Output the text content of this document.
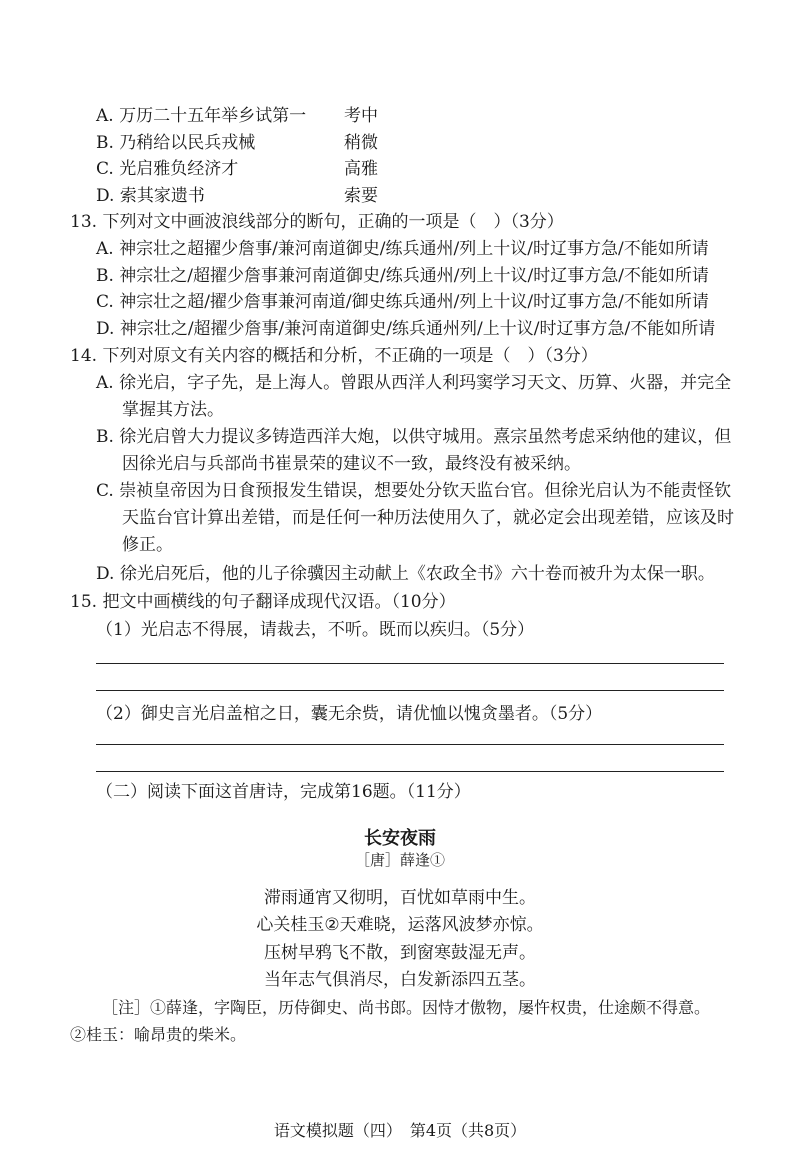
A. 万历二十五年举乡试第一 考中
B. 乃稍给以民兵戎械	稍微
C. 光启雅负经济才	高雅
D. 索其家遗书	索要
13. 下列对文中画波浪线部分的断句，正确的一项是（　）（3分）
A. 神宗壮之超擢少詹事/兼河南道御史/练兵通州/列上十议/时辽事方急/不能如所请
B. 神宗壮之/超擢少詹事兼河南道御史/练兵通州/列上十议/时辽事方急/不能如所请
C. 神宗壮之超/擢少詹事兼河南道/御史练兵通州/列上十议/时辽事方急/不能如所请
D. 神宗壮之/超擢少詹事/兼河南道御史/练兵通州列/上十议/时辽事方急/不能如所请
14. 下列对原文有关内容的概括和分析，不正确的一项是（　）（3分）
A. 徐光启，字子先，是上海人。曾跟从西洋人利玛窦学习天文、历算、火器，并完全
掌握其方法。
B. 徐光启曾大力提议多铸造西洋大炮，以供守城用。熹宗虽然考虑采纳他的建议，但
因徐光启与兵部尚书崔景荣的建议不一致，最终没有被采纳。
C. 崇祯皇帝因为日食预报发生错误，想要处分钦天监台官。但徐光启认为不能责怪钦
天监台官计算出差错，而是任何一种历法使用久了，就必定会出现差错，应该及时
修正。
D. 徐光启死后，他的儿子徐骥因主动献上《农政全书》六十卷而被升为太保一职。
15. 把文中画横线的句子翻译成现代汉语。（10分）
（1）光启志不得展，请裁去，不听。既而以疾归。（5分）
（2）御史言光启盖棺之日，囊无余赀，请优恤以愧贪墨者。（5分）
（二）阅读下面这首唐诗，完成第16题。（11分）
长安夜雨
［唐］薛逢①
滞雨通宵又彻明，百忧如草雨中生。
心关桂玉②天难晓，运落风波梦亦惊。
压树早鸦飞不散，到窗寒鼓湿无声。
当年志气俱消尽，白发新添四五茎。
［注］①薛逢，字陶臣，历侍御史、尚书郎。因恃才傲物，屡忤权贵，仕途颇不得意。
②桂玉：喻昂贵的柴米。
语文模拟题（四）　第4页（共8页）
